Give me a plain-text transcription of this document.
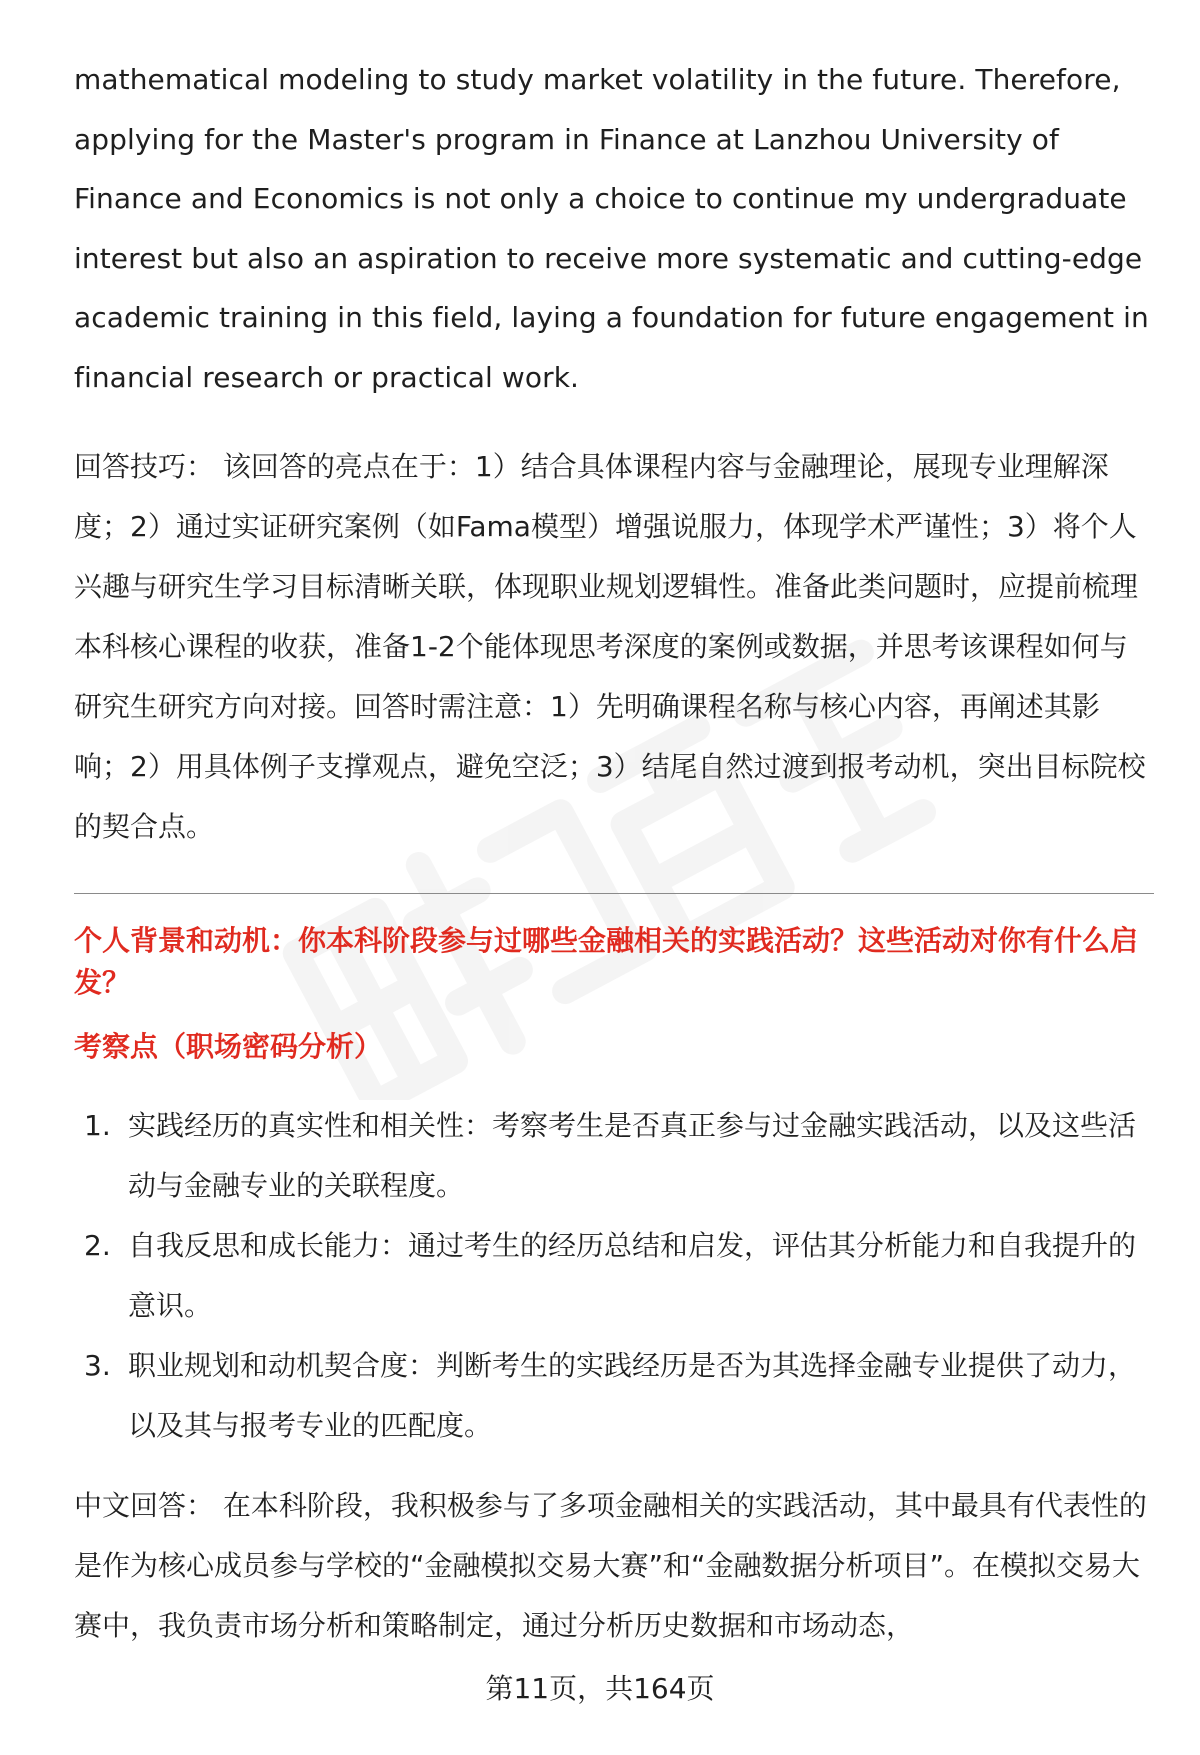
mathematical modeling to study market volatility in the future. Therefore, applying for the Master's program in Finance at Lanzhou University of Finance and Economics is not only a choice to continue my undergraduate interest but also an aspiration to receive more systematic and cutting-edge academic training in this field, laying a foundation for future engagement in financial research or practical work.

回答技巧： 该回答的亮点在于：1）结合具体课程内容与金融理论，展现专业理解深度；2）通过实证研究案例（如Fama模型）增强说服力，体现学术严谨性；3）将个人兴趣与研究生学习目标清晰关联，体现职业规划逻辑性。准备此类问题时，应提前梳理本科核心课程的收获，准备1-2个能体现思考深度的案例或数据，并思考该课程如何与研究生研究方向对接。回答时需注意：1）先明确课程名称与核心内容，再阐述其影响；2）用具体例子支撑观点，避免空泛；3）结尾自然过渡到报考动机，突出目标院校的契合点。

个人背景和动机：你本科阶段参与过哪些金融相关的实践活动？这些活动对你有什么启发？
考察点（职场密码分析）
1. 实践经历的真实性和相关性：考察考生是否真正参与过金融实践活动，以及这些活动与金融专业的关联程度。
2. 自我反思和成长能力：通过考生的经历总结和启发，评估其分析能力和自我提升的意识。
3. 职业规划和动机契合度：判断考生的实践经历是否为其选择金融专业提供了动力，以及其与报考专业的匹配度。

中文回答： 在本科阶段，我积极参与了多项金融相关的实践活动，其中最具有代表性的是作为核心成员参与学校的“金融模拟交易大赛”和“金融数据分析项目”。在模拟交易大赛中，我负责市场分析和策略制定，通过分析历史数据和市场动态，

第11页，共164页
